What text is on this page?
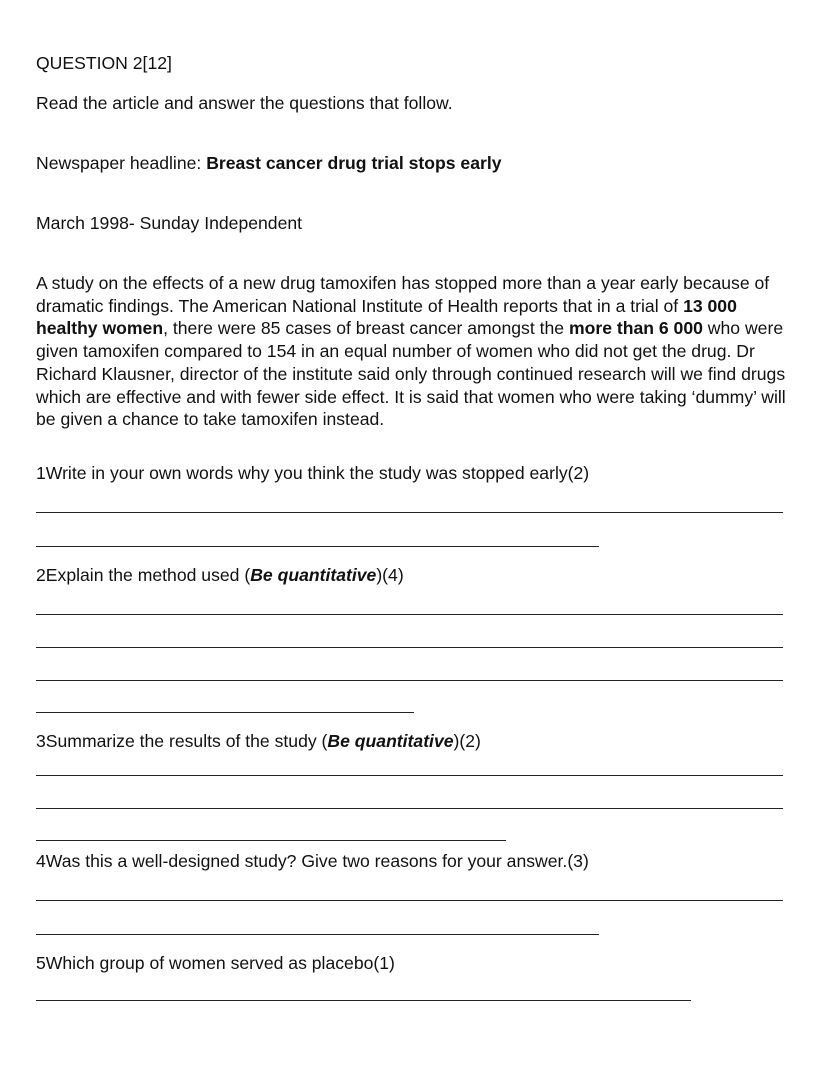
QUESTION 2[12]
Read the article and answer the questions that follow.
Newspaper headline: Breast cancer drug trial stops early
March 1998- Sunday Independent
A study on the effects of a new drug tamoxifen has stopped more than a year early because of dramatic findings. The American National Institute of Health reports that in a trial of 13 000 healthy women, there were 85 cases of breast cancer amongst the more than 6 000 who were given tamoxifen compared to 154 in an equal number of women who did not get the drug. Dr Richard Klausner, director of the institute said only through continued research will we find drugs which are effective and with fewer side effect. It is said that women who were taking ‘dummy’ will be given a chance to take tamoxifen instead.
1Write in your own words why you think the study was stopped early(2)
2Explain the method used (Be quantitative)(4)
3Summarize the results of the study (Be quantitative)(2)
4Was this a well-designed study? Give two reasons for your answer.(3)
5Which group of women served as placebo(1)
